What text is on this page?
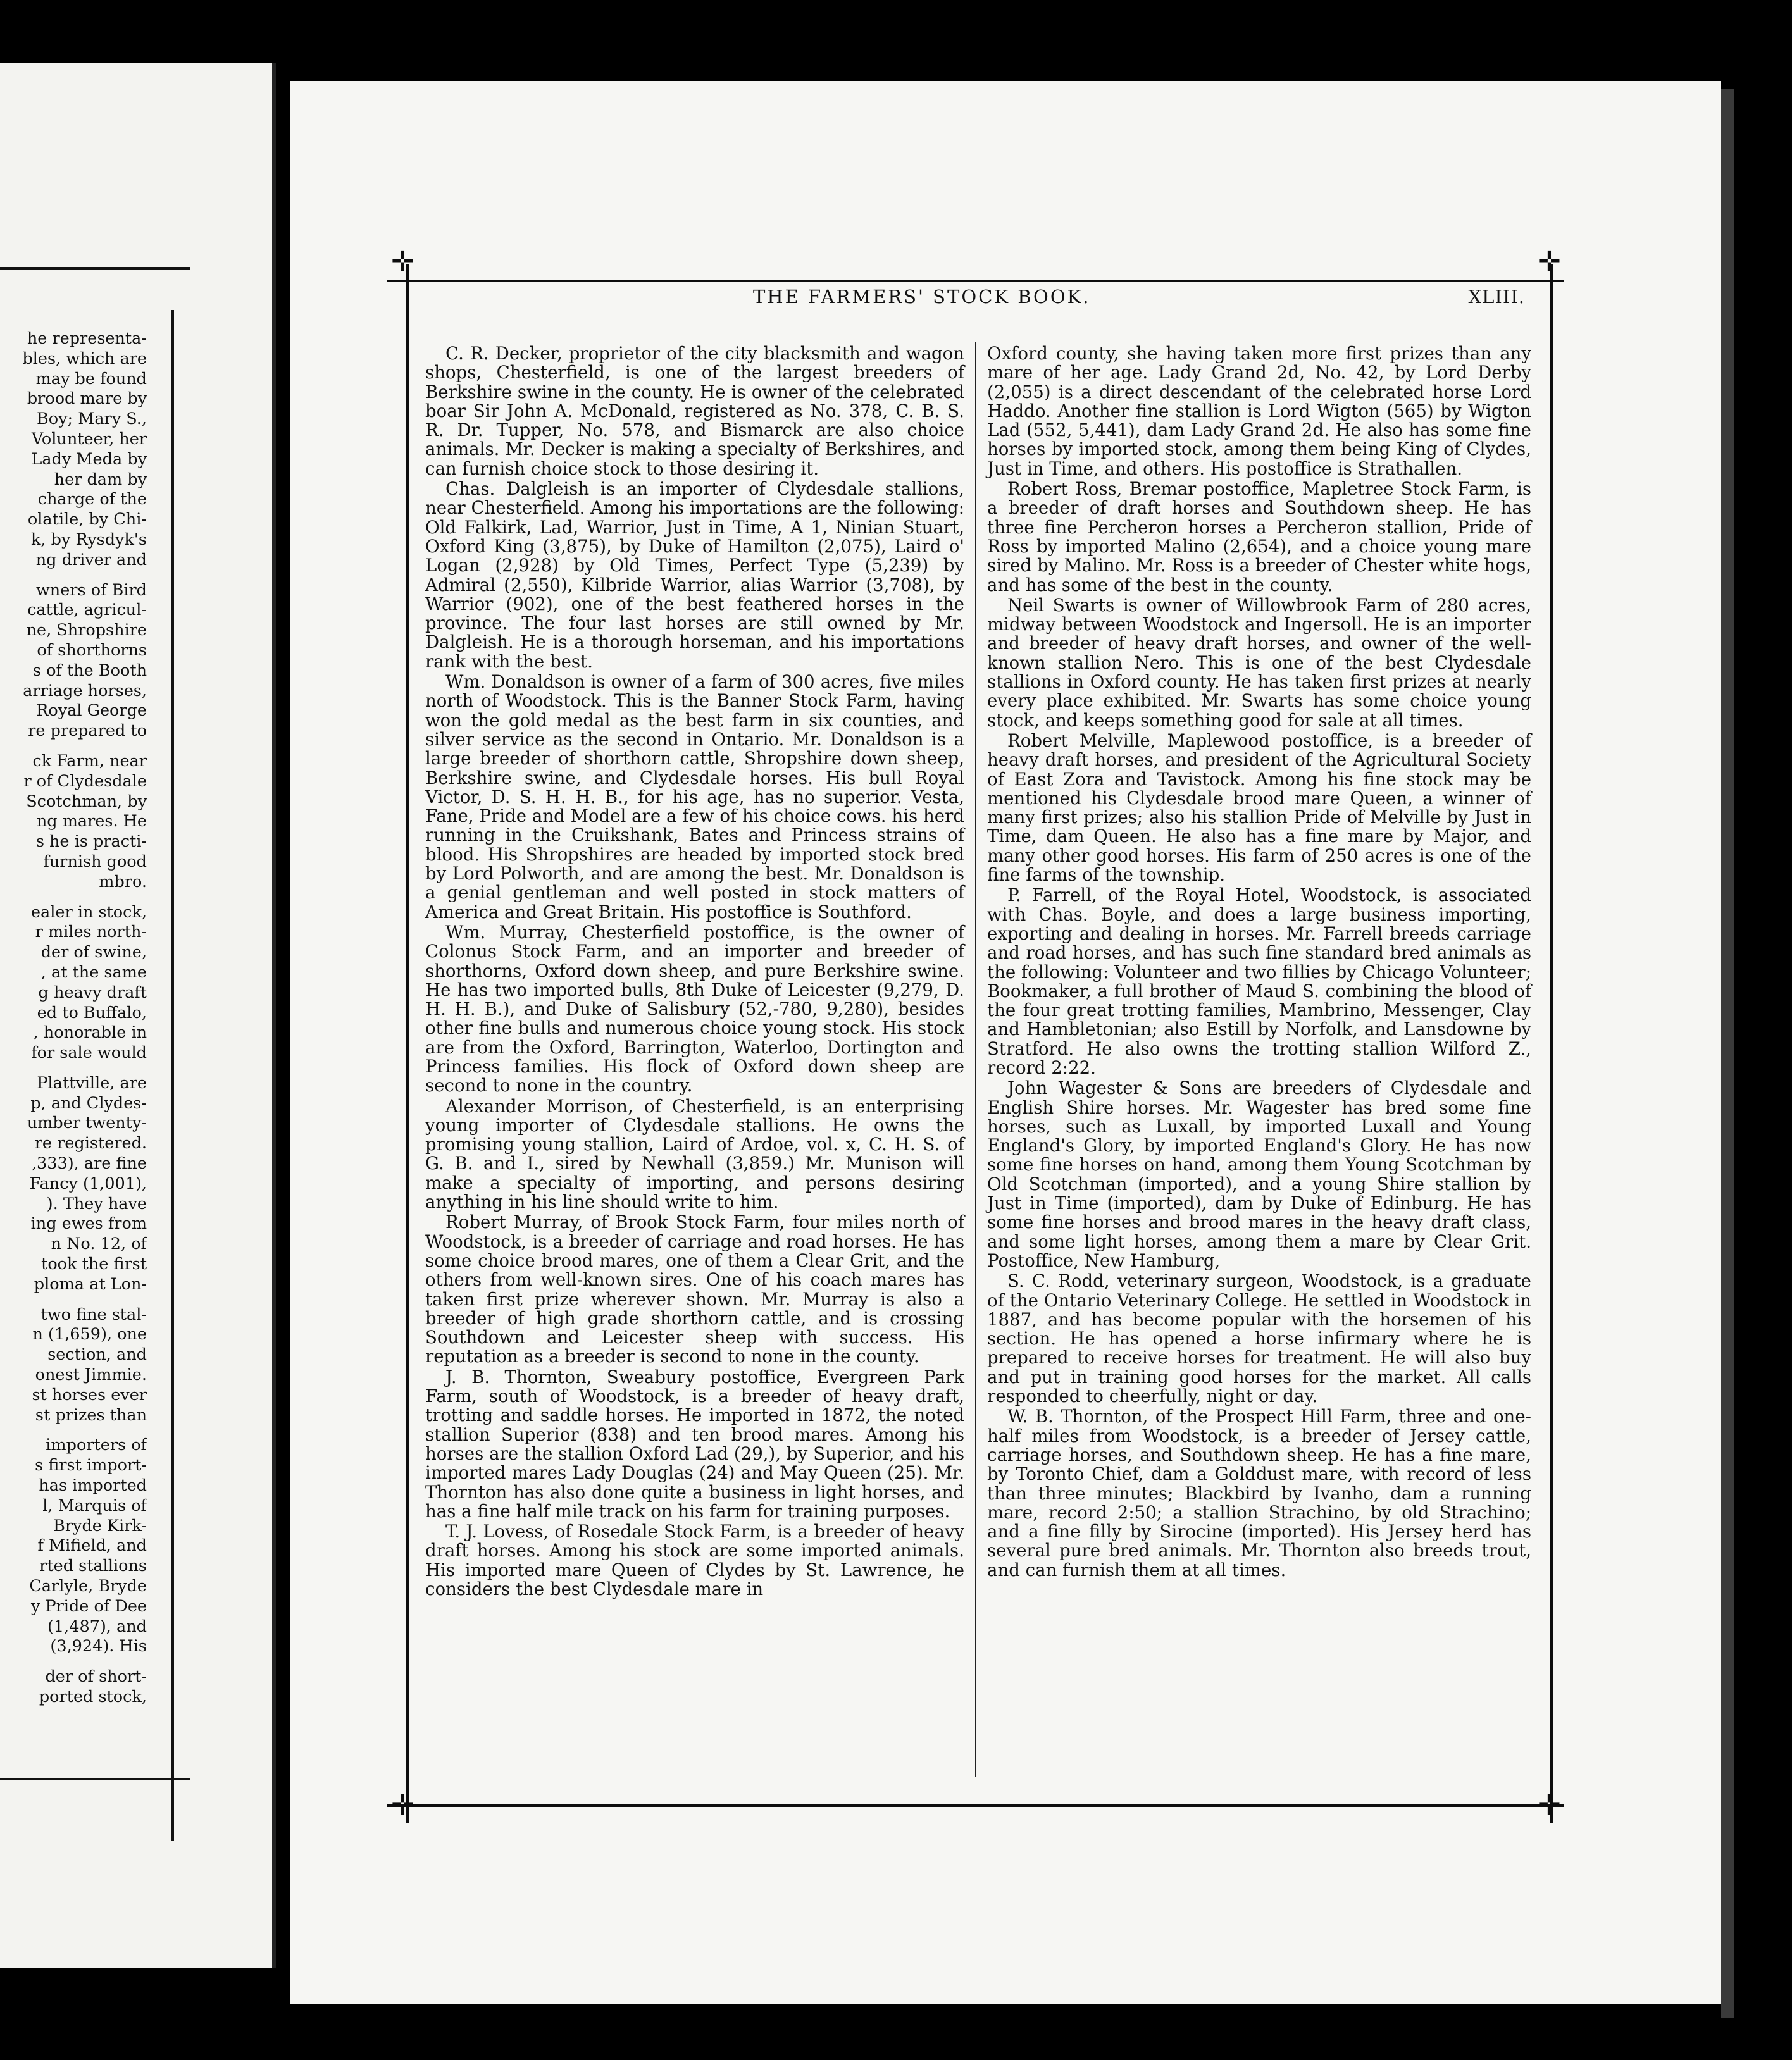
he representa-
bles, which are
may be found
brood mare by
Boy; Mary S.,
Volunteer, her
Lady Meda by
her dam by
charge of the
olatile, by Chi-
k, by Rysdyk's
ng driver and
wners of Bird
cattle, agricul-
ne, Shropshire
of shorthorns
s of the Booth
arriage horses,
Royal George
re prepared to
ck Farm, near
r of Clydesdale
Scotchman, by
ng mares. He
s he is practi-
furnish good
mbro.
ealer in stock,
r miles north-
der of swine,
, at the same
g heavy draft
ed to Buffalo,
, honorable in
for sale would
Plattville, are
p, and Clydes-
umber twenty-
re registered.
,333), are fine
Fancy (1,001),
). They have
ing ewes from
n No. 12, of
took the first
ploma at Lon-
two fine stal-
n (1,659), one
section, and
onest Jimmie.
st horses ever
st prizes than
importers of
s first import-
has imported
l, Marquis of
Bryde Kirk-
f Mifield, and
rted stallions
Carlyle, Bryde
y Pride of Dee
(1,487), and
(3,924). His
der of short-
ported stock,
✛	✛
✛	✛
THE FARMERS' STOCK BOOK.	XLIII.

C. R. Decker, proprietor of the city blacksmith and wagon shops, Chesterfield, is one of the largest breeders of Berkshire swine in the county. He is owner of the celebrated boar Sir John A. McDonald, registered as No. 378, C. B. S. R. Dr. Tupper, No. 578, and Bismarck are also choice animals. Mr. Decker is making a specialty of Berkshires, and can furnish choice stock to those desiring it.

Chas. Dalgleish is an importer of Clydesdale stallions, near Chesterfield. Among his importations are the following: Old Falkirk, Lad, Warrior, Just in Time, A 1, Ninian Stuart, Oxford King (3,875), by Duke of Hamilton (2,075), Laird o' Logan (2,928) by Old Times, Perfect Type (5,239) by Admiral (2,550), Kilbride Warrior, alias Warrior (3,708), by Warrior (902), one of the best feathered horses in the province. The four last horses are still owned by Mr. Dalgleish. He is a thorough horseman, and his importations rank with the best.

Wm. Donaldson is owner of a farm of 300 acres, five miles north of Woodstock. This is the Banner Stock Farm, having won the gold medal as the best farm in six counties, and silver service as the second in Ontario. Mr. Donaldson is a large breeder of shorthorn cattle, Shropshire down sheep, Berkshire swine, and Clydesdale horses. His bull Royal Victor, D. S. H. H. B., for his age, has no superior. Vesta, Fane, Pride and Model are a few of his choice cows. his herd running in the Cruikshank, Bates and Princess strains of blood. His Shropshires are headed by imported stock bred by Lord Polworth, and are among the best. Mr. Donaldson is a genial gentleman and well posted in stock matters of America and Great Britain. His postoffice is Southford.

Wm. Murray, Chesterfield postoffice, is the owner of Colonus Stock Farm, and an importer and breeder of shorthorns, Oxford down sheep, and pure Berkshire swine. He has two imported bulls, 8th Duke of Leicester (9,279, D. H. H. B.), and Duke of Salisbury (52,-780, 9,280), besides other fine bulls and numerous choice young stock. His stock are from the Oxford, Barrington, Waterloo, Dortington and Princess families. His flock of Oxford down sheep are second to none in the country.

Alexander Morrison, of Chesterfield, is an enterprising young importer of Clydesdale stallions. He owns the promising young stallion, Laird of Ardoe, vol. x, C. H. S. of G. B. and I., sired by Newhall (3,859.) Mr. Munison will make a specialty of importing, and persons desiring anything in his line should write to him.

Robert Murray, of Brook Stock Farm, four miles north of Woodstock, is a breeder of carriage and road horses. He has some choice brood mares, one of them a Clear Grit, and the others from well-known sires. One of his coach mares has taken first prize wherever shown. Mr. Murray is also a breeder of high grade shorthorn cattle, and is crossing Southdown and Leicester sheep with success. His reputation as a breeder is second to none in the county.

J. B. Thornton, Sweabury postoffice, Evergreen Park Farm, south of Woodstock, is a breeder of heavy draft, trotting and saddle horses. He imported in 1872, the noted stallion Superior (838) and ten brood mares. Among his horses are the stallion Oxford Lad (29,), by Superior, and his imported mares Lady Douglas (24) and May Queen (25). Mr. Thornton has also done quite a business in light horses, and has a fine half mile track on his farm for training purposes.

T. J. Lovess, of Rosedale Stock Farm, is a breeder of heavy draft horses. Among his stock are some imported animals. His imported mare Queen of Clydes by St. Lawrence, he considers the best Clydesdale mare in

Oxford county, she having taken more first prizes than any mare of her age. Lady Grand 2d, No. 42, by Lord Derby (2,055) is a direct descendant of the celebrated horse Lord Haddo. Another fine stallion is Lord Wigton (565) by Wigton Lad (552, 5,441), dam Lady Grand 2d. He also has some fine horses by imported stock, among them being King of Clydes, Just in Time, and others. His postoffice is Strathallen.

Robert Ross, Bremar postoffice, Mapletree Stock Farm, is a breeder of draft horses and Southdown sheep. He has three fine Percheron horses a Percheron stallion, Pride of Ross by imported Malino (2,654), and a choice young mare sired by Malino. Mr. Ross is a breeder of Chester white hogs, and has some of the best in the county.

Neil Swarts is owner of Willowbrook Farm of 280 acres, midway between Woodstock and Ingersoll. He is an importer and breeder of heavy draft horses, and owner of the well-known stallion Nero. This is one of the best Clydesdale stallions in Oxford county. He has taken first prizes at nearly every place exhibited. Mr. Swarts has some choice young stock, and keeps something good for sale at all times.

Robert Melville, Maplewood postoffice, is a breeder of heavy draft horses, and president of the Agricultural Society of East Zora and Tavistock. Among his fine stock may be mentioned his Clydesdale brood mare Queen, a winner of many first prizes; also his stallion Pride of Melville by Just in Time, dam Queen. He also has a fine mare by Major, and many other good horses. His farm of 250 acres is one of the fine farms of the township.

P. Farrell, of the Royal Hotel, Woodstock, is associated with Chas. Boyle, and does a large business importing, exporting and dealing in horses. Mr. Farrell breeds carriage and road horses, and has such fine standard bred animals as the following: Volunteer and two fillies by Chicago Volunteer; Bookmaker, a full brother of Maud S. combining the blood of the four great trotting families, Mambrino, Messenger, Clay and Hambletonian; also Estill by Norfolk, and Lansdowne by Stratford. He also owns the trotting stallion Wilford Z., record 2:22.

John Wagester & Sons are breeders of Clydesdale and English Shire horses. Mr. Wagester has bred some fine horses, such as Luxall, by imported Luxall and Young England's Glory, by imported England's Glory. He has now some fine horses on hand, among them Young Scotchman by Old Scotchman (imported), and a young Shire stallion by Just in Time (imported), dam by Duke of Edinburg. He has some fine horses and brood mares in the heavy draft class, and some light horses, among them a mare by Clear Grit. Postoffice, New Hamburg,

S. C. Rodd, veterinary surgeon, Woodstock, is a graduate of the Ontario Veterinary College. He settled in Woodstock in 1887, and has become popular with the horsemen of his section. He has opened a horse infirmary where he is prepared to receive horses for treatment. He will also buy and put in training good horses for the market. All calls responded to cheerfully, night or day.

W. B. Thornton, of the Prospect Hill Farm, three and one-half miles from Woodstock, is a breeder of Jersey cattle, carriage horses, and Southdown sheep. He has a fine mare, by Toronto Chief, dam a Golddust mare, with record of less than three minutes; Blackbird by Ivanho, dam a running mare, record 2:50; a stallion Strachino, by old Strachino; and a fine filly by Sirocine (imported). His Jersey herd has several pure bred animals. Mr. Thornton also breeds trout, and can furnish them at all times.
